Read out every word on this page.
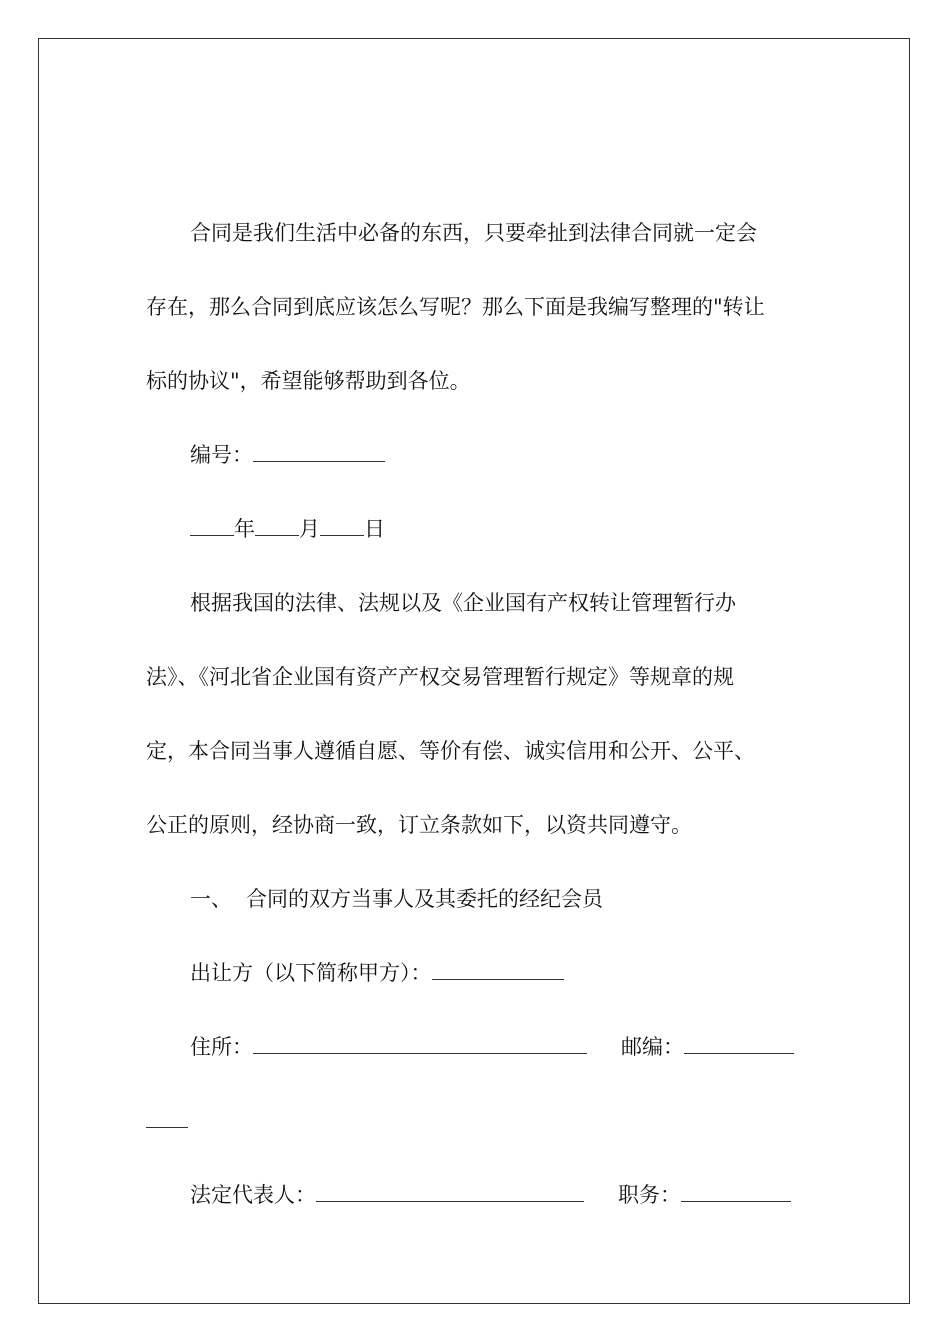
合同是我们生活中必备的东西，只要牵扯到法律合同就一定会

存在，那么合同到底应该怎么写呢？那么下面是我编写整理的"转让

标的协议"，希望能够帮助到各位。

编号：

年 月 日

根据我国的法律、法规以及《企业国有产权转让管理暂行办

法》、《河北省企业国有资产产权交易管理暂行规定》等规章的规

定，本合同当事人遵循自愿、等价有偿、诚实信用和公开、公平、

公正的原则，经协商一致，订立条款如下，以资共同遵守。

一、 合同的双方当事人及其委托的经纪会员

出让方（以下简称甲方）：

住所：	邮编：

法定代表人：	职务：
